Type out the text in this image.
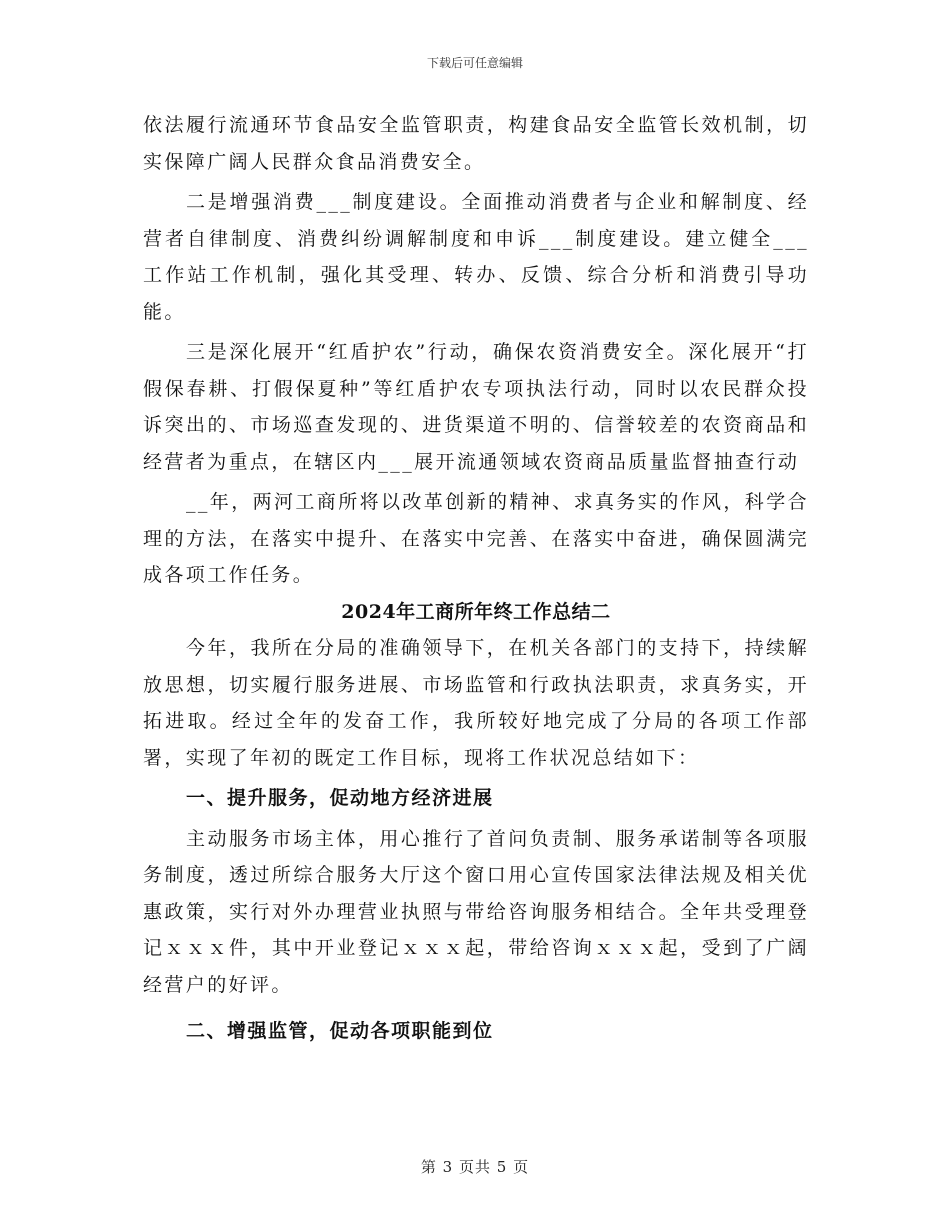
下载后可任意编辑

依法履行流通环节食品安全监管职责，构建食品安全监管长效机制，切实保障广阔人民群众食品消费安全。

二是增强消费___制度建设。全面推动消费者与企业和解制度、经营者自律制度、消费纠纷调解制度和申诉___制度建设。建立健全___工作站工作机制，强化其受理、转办、反馈、综合分析和消费引导功能。

三是深化展开“红盾护农”行动，确保农资消费安全。深化展开“打假保春耕、打假保夏种”等红盾护农专项执法行动，同时以农民群众投诉突出的、市场巡查发现的、进货渠道不明的、信誉较差的农资商品和经营者为重点，在辖区内___展开流通领域农资商品质量监督抽查行动

__年，两河工商所将以改革创新的精神、求真务实的作风，科学合理的方法，在落实中提升、在落实中完善、在落实中奋进，确保圆满完成各项工作任务。

2024年工商所年终工作总结二

今年，我所在分局的准确领导下，在机关各部门的支持下，持续解放思想，切实履行服务进展、市场监管和行政执法职责，求真务实，开拓进取。经过全年的发奋工作，我所较好地完成了分局的各项工作部署，实现了年初的既定工作目标，现将工作状况总结如下：

一、提升服务，促动地方经济进展

主动服务市场主体，用心推行了首问负责制、服务承诺制等各项服务制度，透过所综合服务大厅这个窗口用心宣传国家法律法规及相关优惠政策，实行对外办理营业执照与带给咨询服务相结合。全年共受理登记ｘｘｘ件，其中开业登记ｘｘｘ起，带给咨询ｘｘｘ起，受到了广阔经营户的好评。

二、增强监管，促动各项职能到位

第 3 页共 5 页
